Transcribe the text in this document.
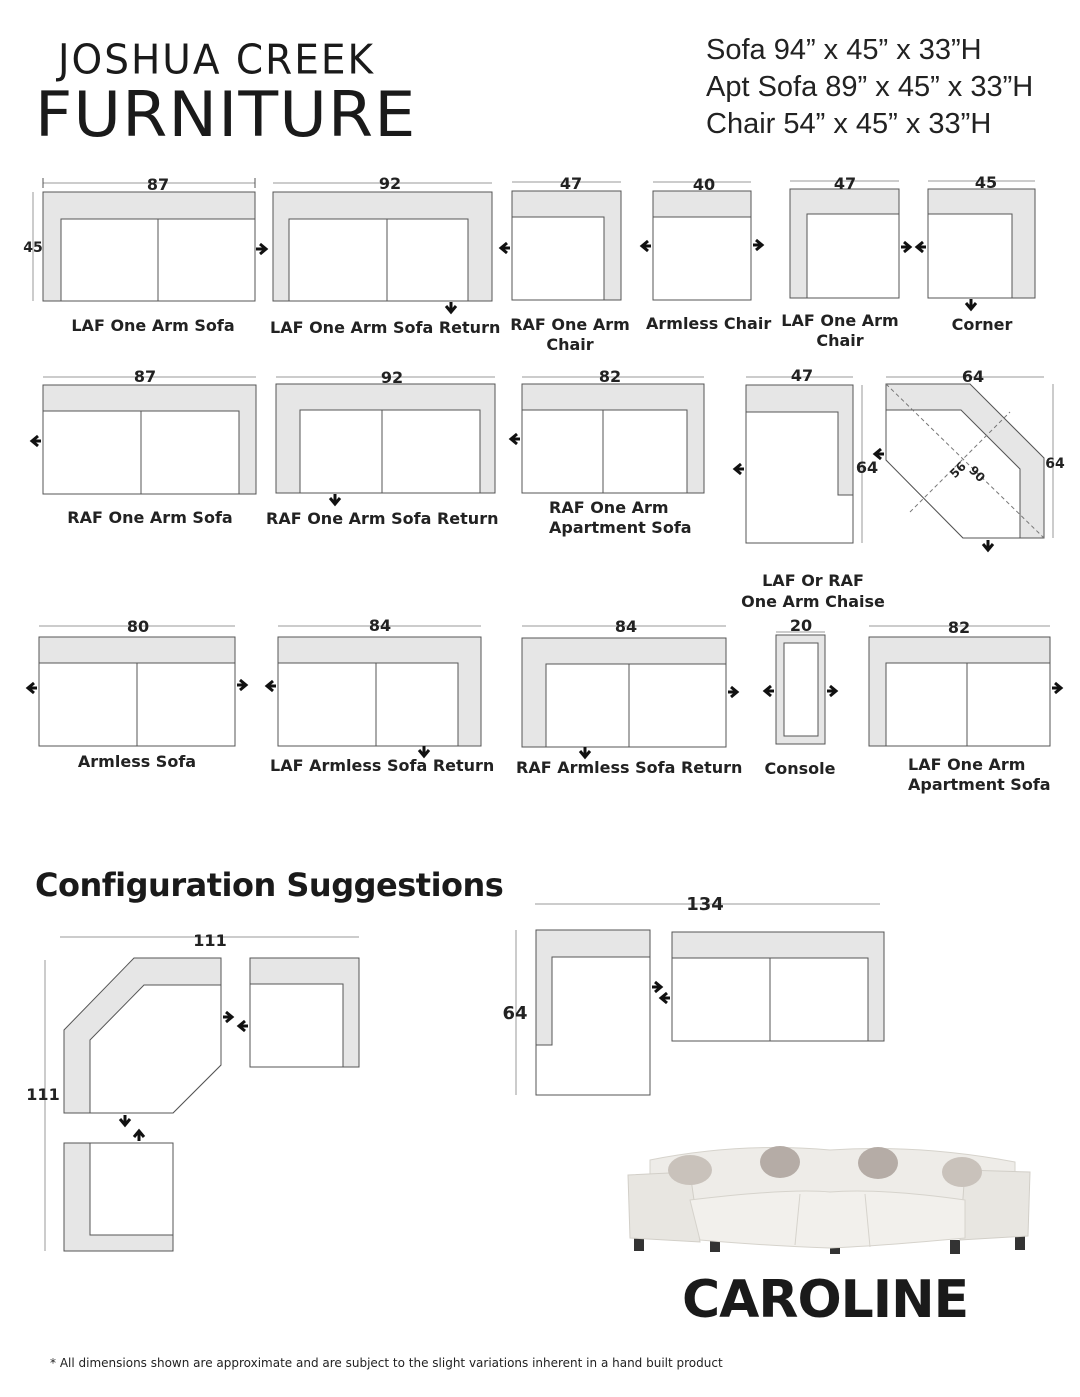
JOSHUA CREEK
FURNITURE
Sofa 94” x 45” x 33”H
Apt Sofa 89” x 45” x 33”H
Chair 54” x 45” x 33”H
87
45
92	47	40	47	45
87	92	82	47
64
64
64
56
90
80	84	84	20	82
111
111
134
64
LAF One Arm Sofa LAF One Arm Sofa Return RAF One Arm
Chair
Armless Chair LAF One Arm
Chair
Corner
RAF One Arm Sofa	RAF One Arm Sofa Return
RAF One Arm
Apartment Sofa
LAF Or RAF
One Arm Chaise
Armless Sofa	LAF Armless Sofa Return RAF Armless Sofa Return	Console	LAF One Arm
Apartment Sofa
Configuration Suggestions
CAROLINE
* All dimensions shown are approximate and are subject to the slight variations inherent in a hand built product
